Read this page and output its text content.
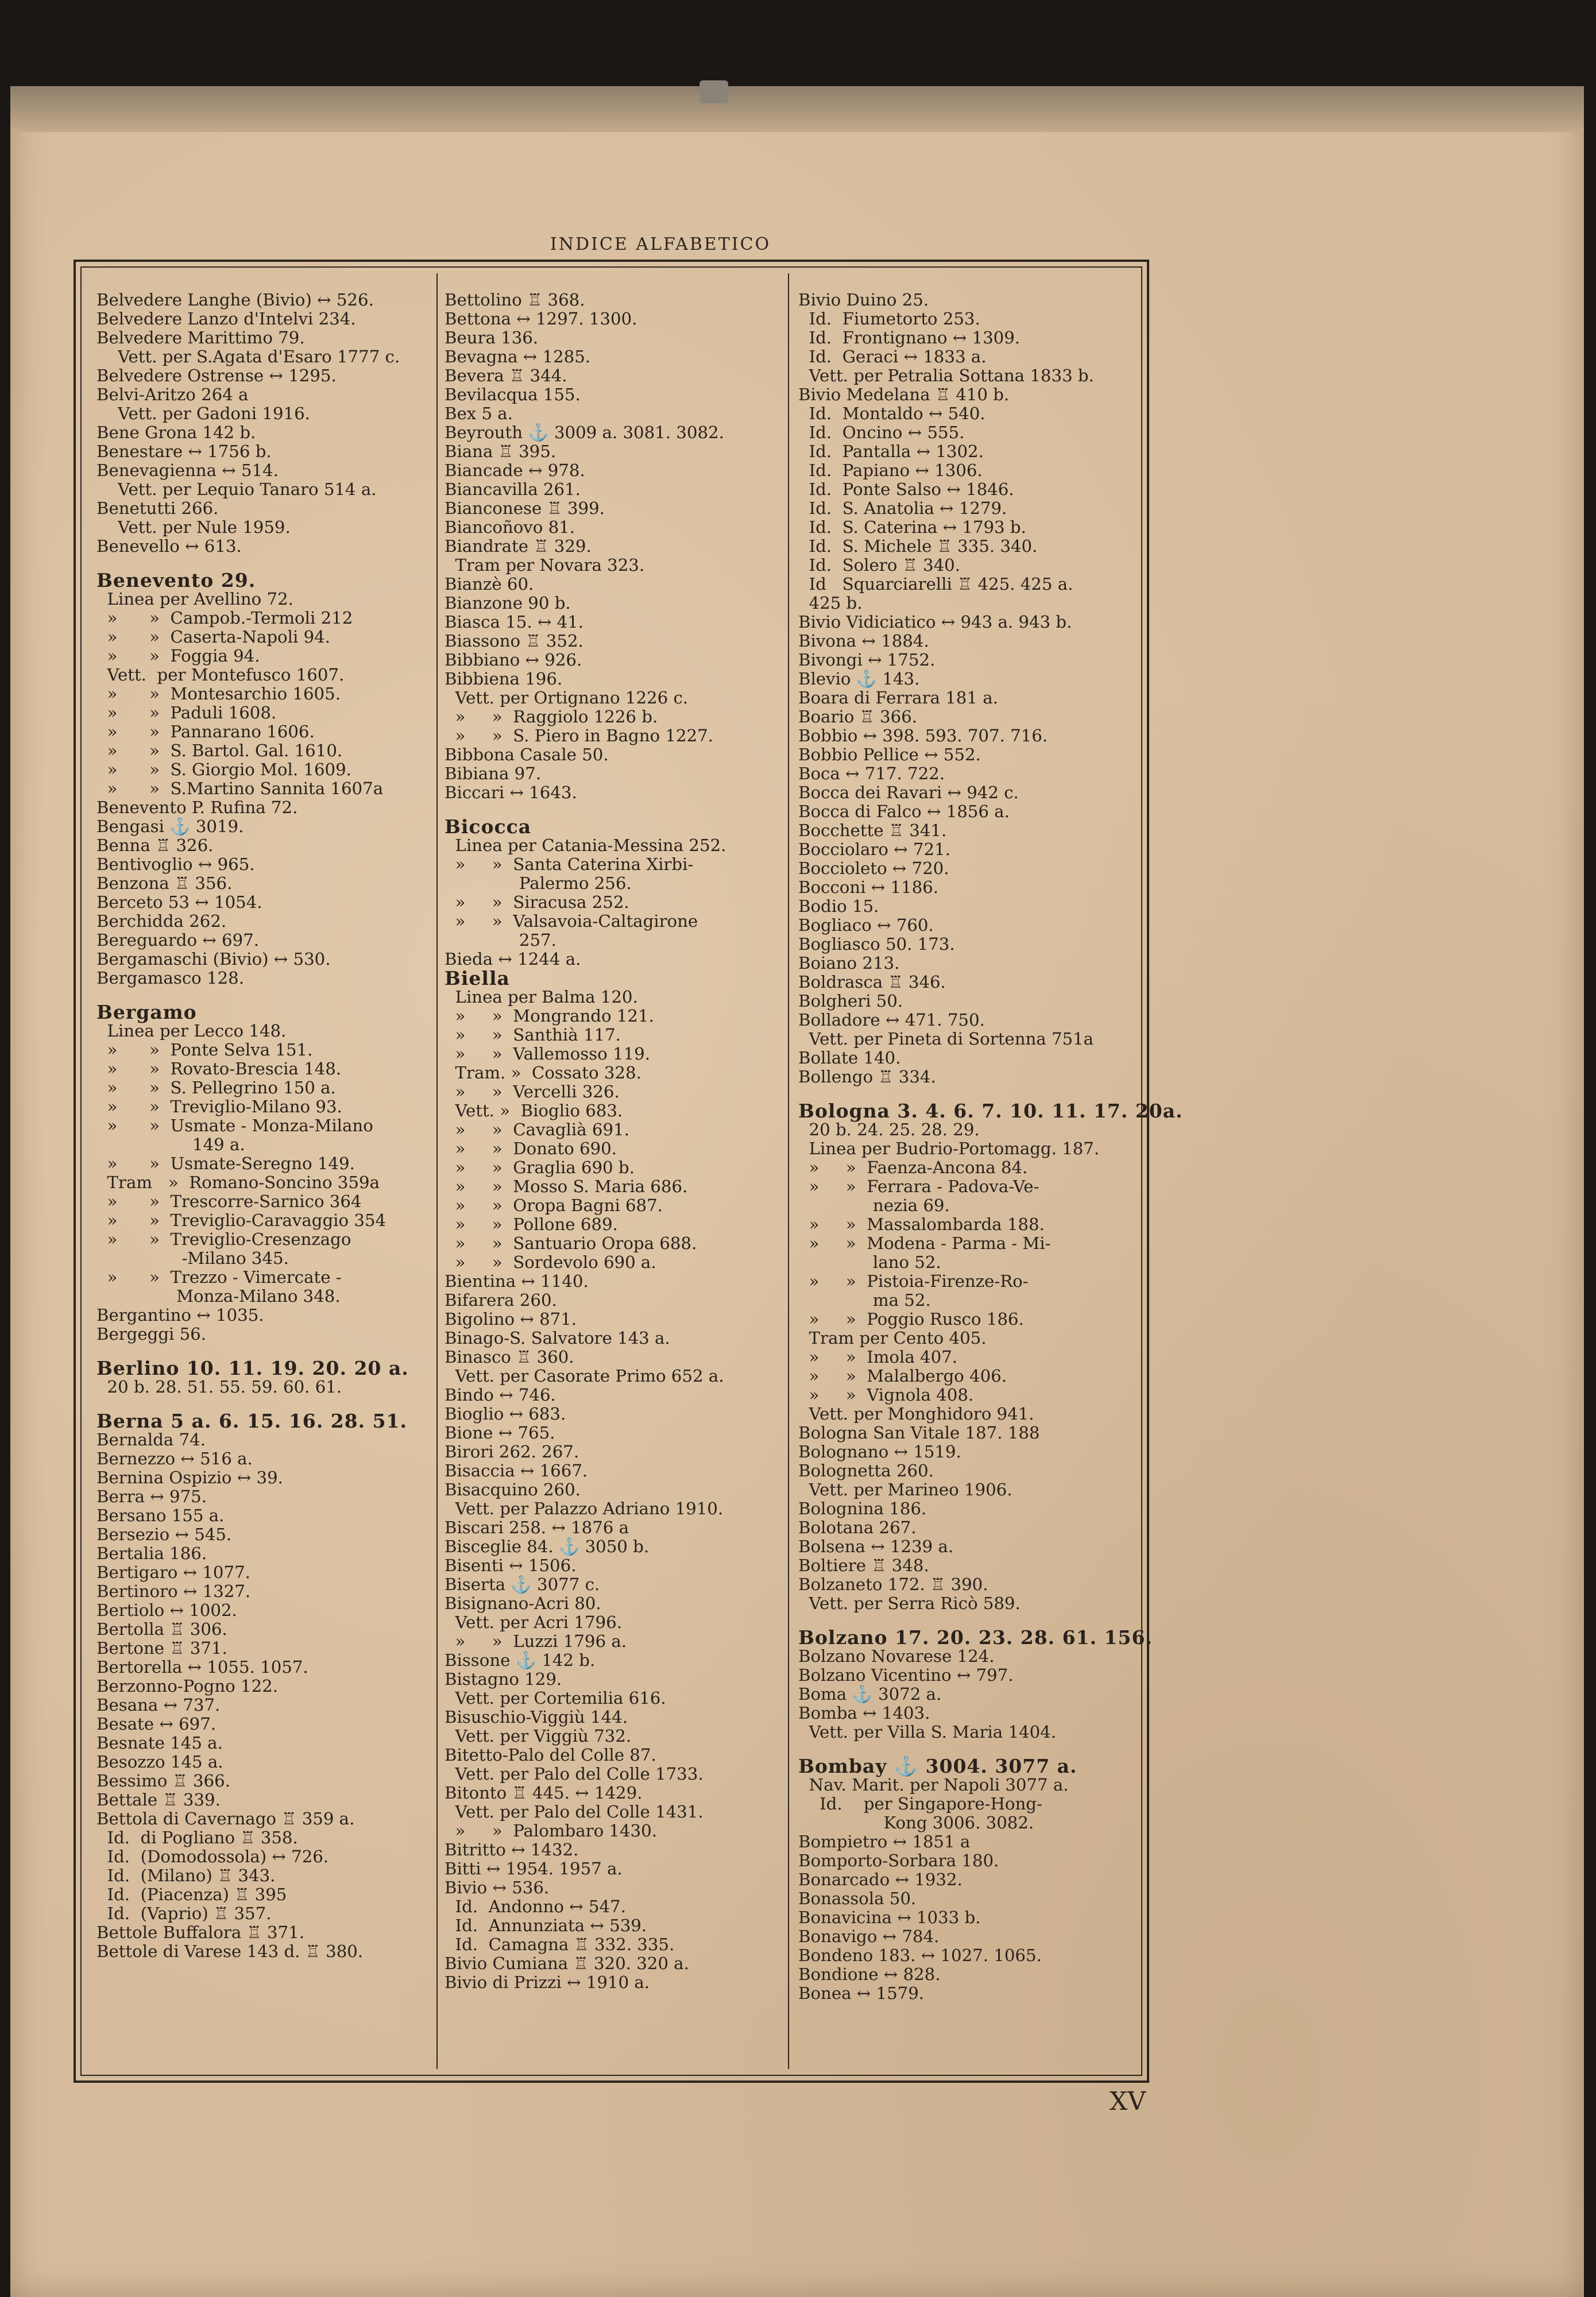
INDICE ALFABETICO
Belvedere Langhe (Bivio) ↔ 526.
Belvedere Lanzo d'Intelvi 234.
Belvedere Marittimo 79.
Vett. per S.Agata d'Esaro 1777 c.
Belvedere Ostrense ↔ 1295.
Belvi-Aritzo 264 a
Vett. per Gadoni 1916.
Bene Grona 142 b.
Benestare ↔ 1756 b.
Benevagienna ↔ 514.
Vett. per Lequio Tanaro 514 a.
Benetutti 266.
Vett. per Nule 1959.
Benevello ↔ 613.
Benevento 29.
Linea per Avellino 72.
»      »  Campob.-Termoli 212
»      »  Caserta-Napoli 94.
»      »  Foggia 94.
Vett.  per Montefusco 1607.
»      »  Montesarchio 1605.
»      »  Paduli 1608.
»      »  Pannarano 1606.
»      »  S. Bartol. Gal. 1610.
»      »  S. Giorgio Mol. 1609.
»      »  S.Martino Sannita 1607a
Benevento P. Rufina 72.
Bengasi ⚓ 3019.
Benna ♖ 326.
Bentivoglio ↔ 965.
Benzona ♖ 356.
Berceto 53 ↔ 1054.
Berchidda 262.
Bereguardo ↔ 697.
Bergamaschi (Bivio) ↔ 530.
Bergamasco 128.
Bergamo
Linea per Lecco 148.
»      »  Ponte Selva 151.
»      »  Rovato-Brescia 148.
»      »  S. Pellegrino 150 a.
»      »  Treviglio-Milano 93.
»      »  Usmate - Monza-Milano
149 a.
»      »  Usmate-Seregno 149.
Tram   »  Romano-Soncino 359a
»      »  Trescorre-Sarnico 364
»      »  Treviglio-Caravaggio 354
»      »  Treviglio-Cresenzago
-Milano 345.
»      »  Trezzo - Vimercate -
Monza-Milano 348.
Bergantino ↔ 1035.
Bergeggi 56.
Berlino 10. 11. 19. 20. 20 a.
20 b. 28. 51. 55. 59. 60. 61.
Berna 5 a. 6. 15. 16. 28. 51.
Bernalda 74.
Bernezzo ↔ 516 a.
Bernina Ospizio ↔ 39.
Berra ↔ 975.
Bersano 155 a.
Bersezio ↔ 545.
Bertalia 186.
Bertigaro ↔ 1077.
Bertinoro ↔ 1327.
Bertiolo ↔ 1002.
Bertolla ♖ 306.
Bertone ♖ 371.
Bertorella ↔ 1055. 1057.
Berzonno-Pogno 122.
Besana ↔ 737.
Besate ↔ 697.
Besnate 145 a.
Besozzo 145 a.
Bessimo ♖ 366.
Bettale ♖ 339.
Bettola di Cavernago ♖ 359 a.
Id.  di Pogliano ♖ 358.
Id.  (Domodossola) ↔ 726.
Id.  (Milano) ♖ 343.
Id.  (Piacenza) ♖ 395
Id.  (Vaprio) ♖ 357.
Bettole Buffalora ♖ 371.
Bettole di Varese 143 d. ♖ 380.
Bettolino ♖ 368.
Bettona ↔ 1297. 1300.
Beura 136.
Bevagna ↔ 1285.
Bevera ♖ 344.
Bevilacqua 155.
Bex 5 a.
Beyrouth ⚓ 3009 a. 3081. 3082.
Biana ♖ 395.
Biancade ↔ 978.
Biancavilla 261.
Bianconese ♖ 399.
Biancoñovo 81.
Biandrate ♖ 329.
Tram per Novara 323.
Bianzè 60.
Bianzone 90 b.
Biasca 15. ↔ 41.
Biassono ♖ 352.
Bibbiano ↔ 926.
Bibbiena 196.
Vett. per Ortignano 1226 c.
»     »  Raggiolo 1226 b.
»     »  S. Piero in Bagno 1227.
Bibbona Casale 50.
Bibiana 97.
Biccari ↔ 1643.
Bicocca
Linea per Catania-Messina 252.
»     »  Santa Caterina Xirbi-
Palermo 256.
»     »  Siracusa 252.
»     »  Valsavoia-Caltagirone
257.
Bieda ↔ 1244 a.
Biella
Linea per Balma 120.
»     »  Mongrando 121.
»     »  Santhià 117.
»     »  Vallemosso 119.
Tram. »  Cossato 328.
»     »  Vercelli 326.
Vett. »  Bioglio 683.
»     »  Cavaglià 691.
»     »  Donato 690.
»     »  Graglia 690 b.
»     »  Mosso S. Maria 686.
»     »  Oropa Bagni 687.
»     »  Pollone 689.
»     »  Santuario Oropa 688.
»     »  Sordevolo 690 a.
Bientina ↔ 1140.
Bifarera 260.
Bigolino ↔ 871.
Binago-S. Salvatore 143 a.
Binasco ♖ 360.
Vett. per Casorate Primo 652 a.
Bindo ↔ 746.
Bioglio ↔ 683.
Bione ↔ 765.
Birori 262. 267.
Bisaccia ↔ 1667.
Bisacquino 260.
Vett. per Palazzo Adriano 1910.
Biscari 258. ↔ 1876 a
Bisceglie 84. ⚓ 3050 b.
Bisenti ↔ 1506.
Biserta ⚓ 3077 c.
Bisignano-Acri 80.
Vett. per Acri 1796.
»     »  Luzzi 1796 a.
Bissone ⚓ 142 b.
Bistagno 129.
Vett. per Cortemilia 616.
Bisuschio-Viggiù 144.
Vett. per Viggiù 732.
Bitetto-Palo del Colle 87.
Vett. per Palo del Colle 1733.
Bitonto ♖ 445. ↔ 1429.
Vett. per Palo del Colle 1431.
»     »  Palombaro 1430.
Bitritto ↔ 1432.
Bitti ↔ 1954. 1957 a.
Bivio ↔ 536.
Id.  Andonno ↔ 547.
Id.  Annunziata ↔ 539.
Id.  Camagna ♖ 332. 335.
Bivio Cumiana ♖ 320. 320 a.
Bivio di Prizzi ↔ 1910 a.
Bivio Duino 25.
Id.  Fiumetorto 253.
Id.  Frontignano ↔ 1309.
Id.  Geraci ↔ 1833 a.
Vett. per Petralia Sottana 1833 b.
Bivio Medelana ♖ 410 b.
Id.  Montaldo ↔ 540.
Id.  Oncino ↔ 555.
Id.  Pantalla ↔ 1302.
Id.  Papiano ↔ 1306.
Id.  Ponte Salso ↔ 1846.
Id.  S. Anatolia ↔ 1279.
Id.  S. Caterina ↔ 1793 b.
Id.  S. Michele ♖ 335. 340.
Id.  Solero ♖ 340.
Id   Squarciarelli ♖ 425. 425 a.
425 b.
Bivio Vidiciatico ↔ 943 a. 943 b.
Bivona ↔ 1884.
Bivongi ↔ 1752.
Blevio ⚓ 143.
Boara di Ferrara 181 a.
Boario ♖ 366.
Bobbio ↔ 398. 593. 707. 716.
Bobbio Pellice ↔ 552.
Boca ↔ 717. 722.
Bocca dei Ravari ↔ 942 c.
Bocca di Falco ↔ 1856 a.
Bocchette ♖ 341.
Bocciolaro ↔ 721.
Boccioleto ↔ 720.
Bocconi ↔ 1186.
Bodio 15.
Bogliaco ↔ 760.
Bogliasco 50. 173.
Boiano 213.
Boldrasca ♖ 346.
Bolgheri 50.
Bolladore ↔ 471. 750.
Vett. per Pineta di Sortenna 751a
Bollate 140.
Bollengo ♖ 334.
Bologna 3. 4. 6. 7. 10. 11. 17. 20a.
20 b. 24. 25. 28. 29.
Linea per Budrio-Portomagg. 187.
»     »  Faenza-Ancona 84.
»     »  Ferrara - Padova-Ve-
nezia 69.
»     »  Massalombarda 188.
»     »  Modena - Parma - Mi-
lano 52.
»     »  Pistoia-Firenze-Ro-
ma 52.
»     »  Poggio Rusco 186.
Tram per Cento 405.
»     »  Imola 407.
»     »  Malalbergo 406.
»     »  Vignola 408.
Vett. per Monghidoro 941.
Bologna San Vitale 187. 188
Bolognano ↔ 1519.
Bolognetta 260.
Vett. per Marineo 1906.
Bolognina 186.
Bolotana 267.
Bolsena ↔ 1239 a.
Boltiere ♖ 348.
Bolzaneto 172. ♖ 390.
Vett. per Serra Ricò 589.
Bolzano 17. 20. 23. 28. 61. 156.
Bolzano Novarese 124.
Bolzano Vicentino ↔ 797.
Boma ⚓ 3072 a.
Bomba ↔ 1403.
Vett. per Villa S. Maria 1404.
Bombay ⚓ 3004. 3077 a.
Nav. Marit. per Napoli 3077 a.
Id.    per Singapore-Hong-
Kong 3006. 3082.
Bompietro ↔ 1851 a
Bomporto-Sorbara 180.
Bonarcado ↔ 1932.
Bonassola 50.
Bonavicina ↔ 1033 b.
Bonavigo ↔ 784.
Bondeno 183. ↔ 1027. 1065.
Bondione ↔ 828.
Bonea ↔ 1579.
XV
